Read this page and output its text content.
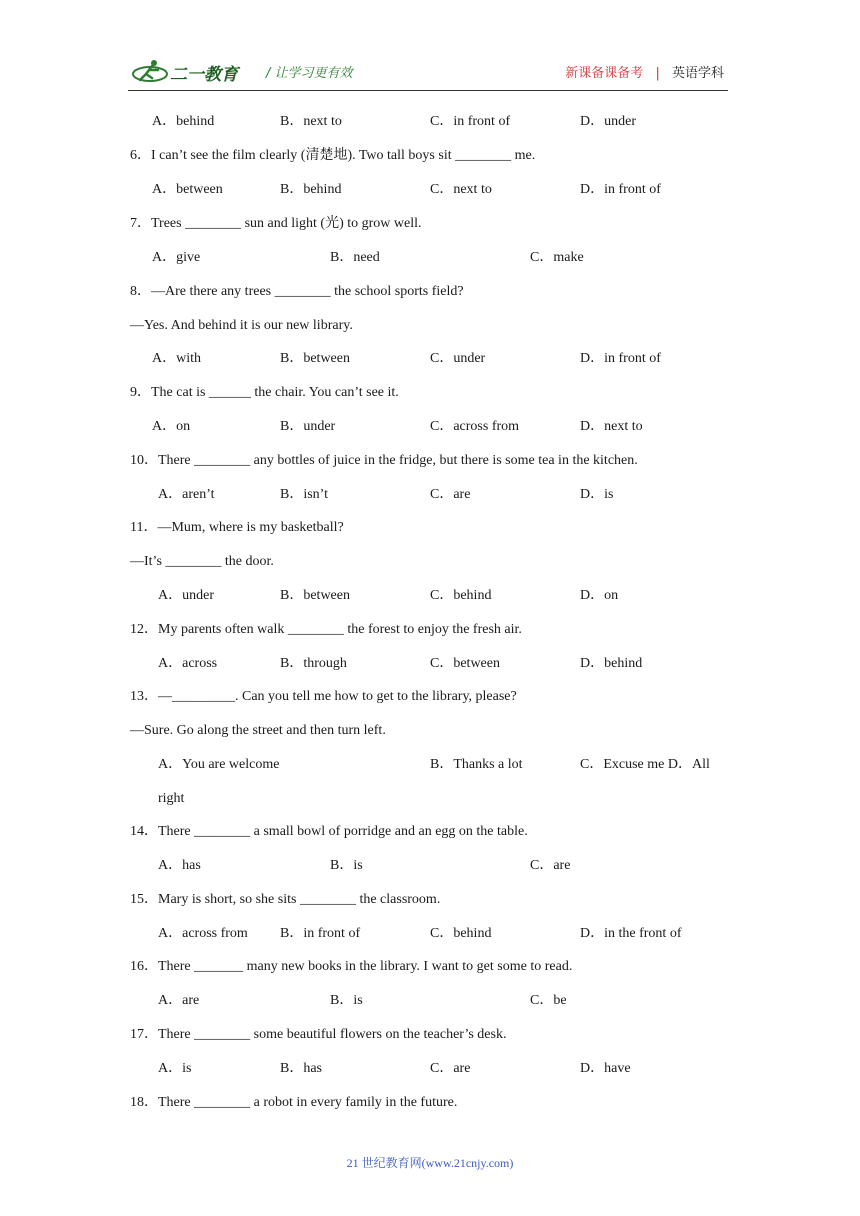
二一教育 / 让学习更有效	新课备课备考 | 英语学科
A．behind	B．next to	C．in front of	D．under
6．I can’t see the film clearly (清楚地). Two tall boys sit ________ me.
A．between	B．behind	C．next to	D．in front of
7．Trees ________ sun and light (光) to grow well.
A．give	B．need	C．make
8．—Are there any trees ________ the school sports field?
—Yes. And behind it is our new library.
A．with	B．between	C．under	D．in front of
9．The cat is ______ the chair. You can’t see it.
A．on	B．under	C．across from	D．next to
10．There ________ any bottles of juice in the fridge, but there is some tea in the kitchen.
A．aren’t	B．isn’t	C．are	D．is
11．—Mum, where is my basketball?
—It’s ________ the door.
A．under	B．between	C．behind	D．on
12．My parents often walk ________ the forest to enjoy the fresh air.
A．across	B．through	C．between	D．behind
13．—_________. Can you tell me how to get to the library, please?
—Sure. Go along the street and then turn left.
A．You are welcome	B．Thanks a lot	C．Excuse me D．All
right
14．There ________ a small bowl of porridge and an egg on the table.
A．has	B．is	C．are
15．Mary is short, so she sits ________ the classroom.
A．across from B．in front of	C．behind	D．in the front of
16．There _______ many new books in the library. I want to get some to read.
A．are	B．is	C．be
17．There ________ some beautiful flowers on the teacher’s desk.
A．is	B．has	C．are	D．have
18．There ________ a robot in every family in the future.
21 世纪教育网(www.21cnjy.com)
